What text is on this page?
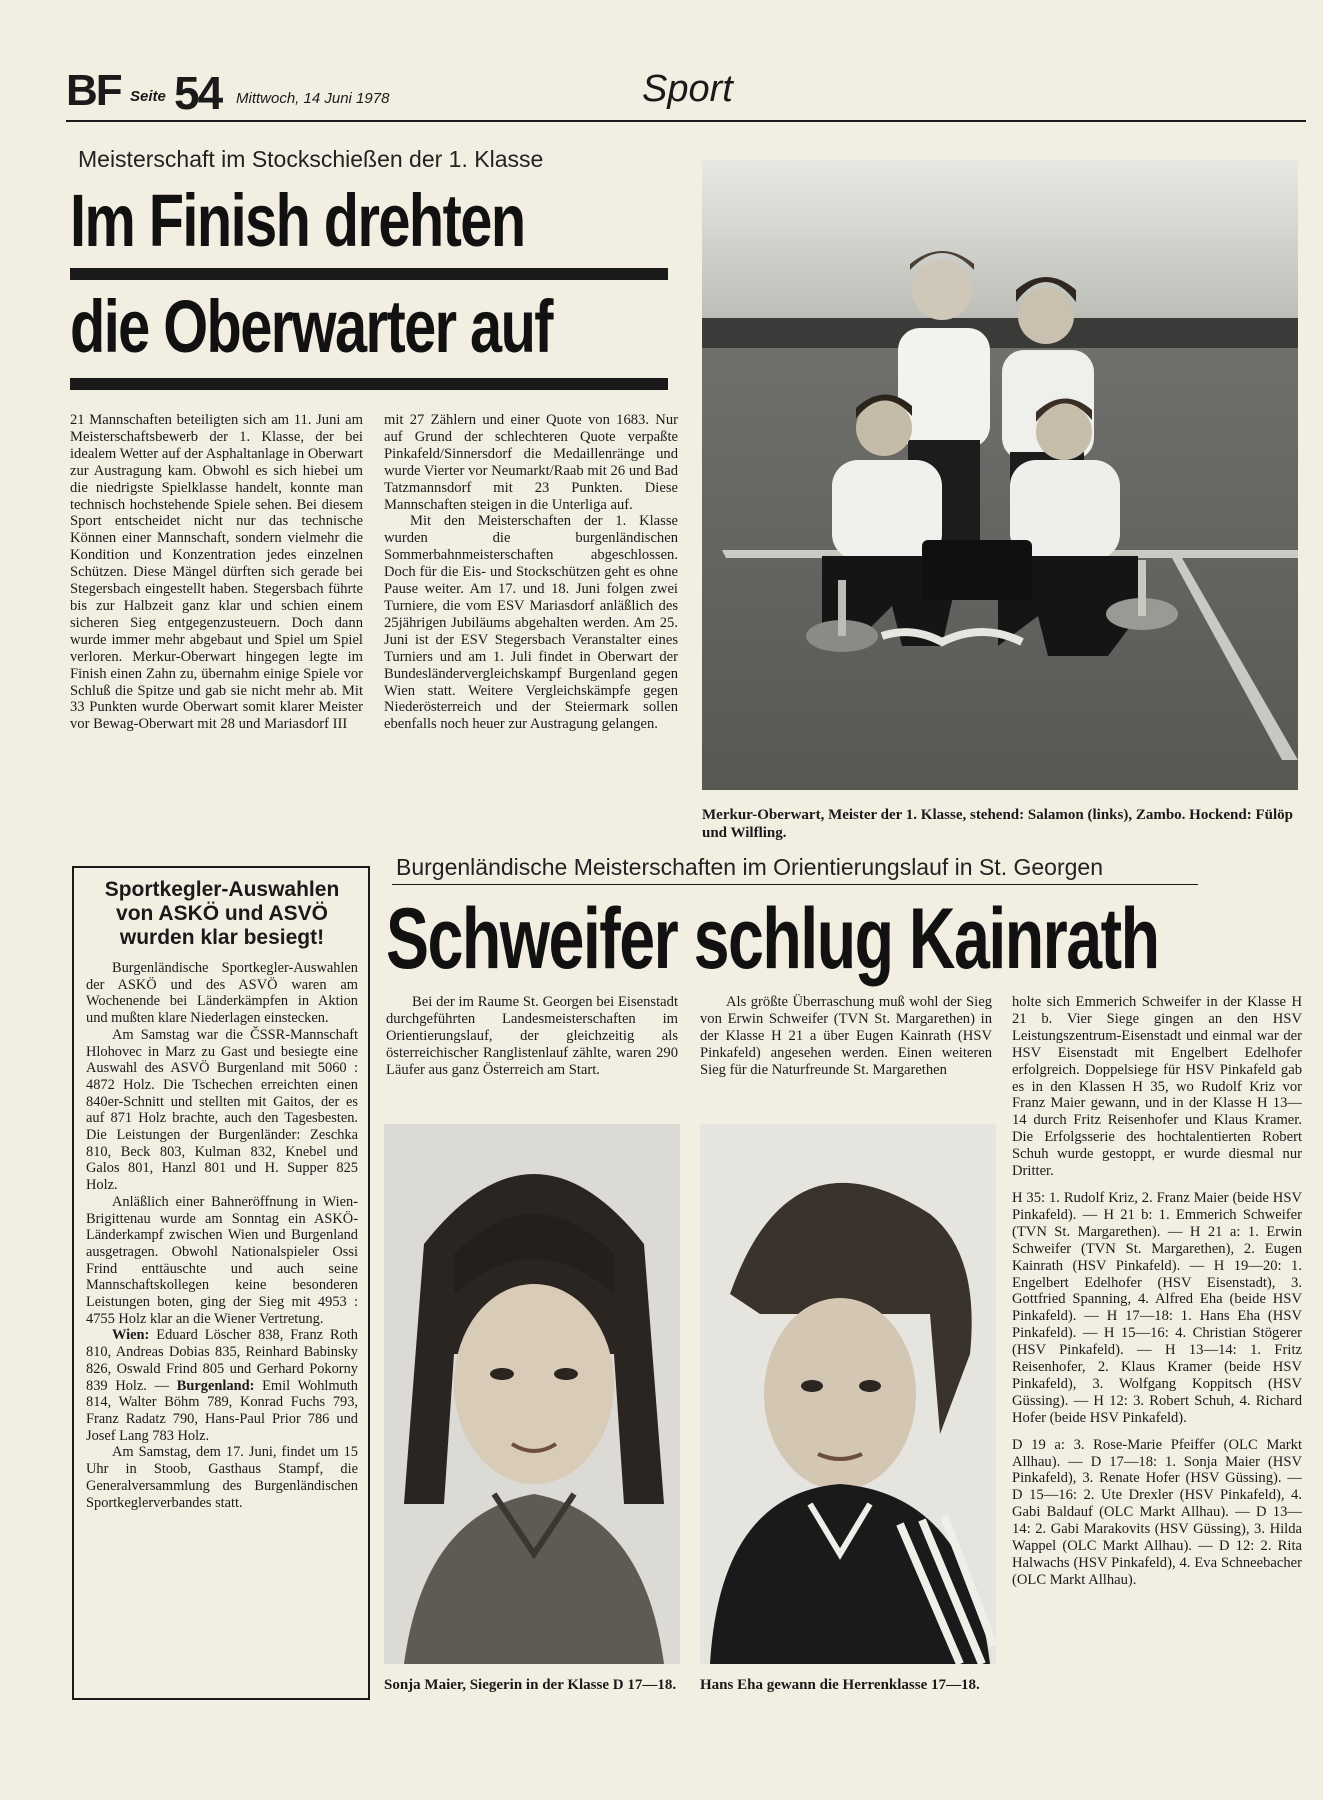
BF Seite 54 Mittwoch, 14 Juni 1978	Sport
Meisterschaft im Stockschießen der 1. Klasse
Im Finish drehten
die Oberwarter auf

21 Mannschaften beteiligten sich am 11. Juni am Meisterschaftsbewerb der 1. Klasse, der bei idealem Wetter auf der Asphaltanlage in Oberwart zur Austragung kam. Obwohl es sich hiebei um die niedrigste Spielklasse handelt, konnte man technisch hochstehende Spiele sehen. Bei diesem Sport entscheidet nicht nur das technische Können einer Mannschaft, sondern vielmehr die Kondition und Konzentration jedes einzelnen Schützen. Diese Mängel dürften sich gerade bei Stegersbach eingestellt haben. Stegersbach führte bis zur Halbzeit ganz klar und schien einem sicheren Sieg entgegenzusteuern. Doch dann wurde immer mehr abgebaut und Spiel um Spiel verloren. Merkur-Oberwart hingegen legte im Finish einen Zahn zu, übernahm einige Spiele vor Schluß die Spitze und gab sie nicht mehr ab. Mit 33 Punkten wurde Oberwart somit klarer Meister vor Bewag-Oberwart mit 28 und Mariasdorf III

mit 27 Zählern und einer Quote von 1683. Nur auf Grund der schlechteren Quote verpaßte Pinkafeld/Sinnersdorf die Medaillenränge und wurde Vierter vor Neumarkt/Raab mit 26 und Bad Tatzmannsdorf mit 23 Punkten. Diese Mannschaften steigen in die Unterliga auf.

Mit den Meisterschaften der 1. Klasse wurden die burgenländischen Sommerbahnmeisterschaften abgeschlossen. Doch für die Eis- und Stockschützen geht es ohne Pause weiter. Am 17. und 18. Juni folgen zwei Turniere, die vom ESV Mariasdorf anläßlich des 25jährigen Jubiläums abgehalten werden. Am 25. Juni ist der ESV Stegersbach Veranstalter eines Turniers und am 1. Juli findet in Oberwart der Bundesländervergleichskampf Burgenland gegen Wien statt. Weitere Vergleichskämpfe gegen Niederösterreich und der Steiermark sollen ebenfalls noch heuer zur Austragung gelangen.

Merkur-Oberwart, Meister der 1. Klasse, stehend: Salamon (links), Zambo. Hockend: Fülöp und Wilfling.
Sportkegler-Auswahlen von ASKÖ und ASVÖ wurden klar besiegt!

Burgenländische Sportkegler-Auswahlen der ASKÖ und des ASVÖ waren am Wochenende bei Länderkämpfen in Aktion und mußten klare Niederlagen einstecken.

Am Samstag war die ČSSR-Mannschaft Hlohovec in Marz zu Gast und besiegte eine Auswahl des ASVÖ Burgenland mit 5060 : 4872 Holz. Die Tschechen erreichten einen 840er-Schnitt und stellten mit Gaitos, der es auf 871 Holz brachte, auch den Tagesbesten. Die Leistungen der Burgenländer: Zeschka 810, Beck 803, Kulman 832, Knebel und Galos 801, Hanzl 801 und H. Supper 825 Holz.

Anläßlich einer Bahneröffnung in Wien-Brigittenau wurde am Sonntag ein ASKÖ-Länderkampf zwischen Wien und Burgenland ausgetragen. Obwohl Nationalspieler Ossi Frind enttäuschte und auch seine Mannschaftskollegen keine besonderen Leistungen boten, ging der Sieg mit 4953 : 4755 Holz klar an die Wiener Vertretung.

Wien: Eduard Löscher 838, Franz Roth 810, Andreas Dobias 835, Reinhard Babinsky 826, Oswald Frind 805 und Gerhard Pokorny 839 Holz. — Burgenland: Emil Wohlmuth 814, Walter Böhm 789, Konrad Fuchs 793, Franz Radatz 790, Hans-Paul Prior 786 und Josef Lang 783 Holz.

Am Samstag, dem 17. Juni, findet um 15 Uhr in Stoob, Gasthaus Stampf, die Generalversammlung des Burgenländischen Sportkeglerverbandes statt.

Burgenländische Meisterschaften im Orientierungslauf in St. Georgen
Schweifer schlug Kainrath

Bei der im Raume St. Georgen bei Eisenstadt durchgeführten Landesmeisterschaften im Orientierungslauf, der gleichzeitig als österreichischer Ranglistenlauf zählte, waren 290 Läufer aus ganz Österreich am Start.

Als größte Überraschung muß wohl der Sieg von Erwin Schweifer (TVN St. Margarethen) in der Klasse H 21 a über Eugen Kainrath (HSV Pinkafeld) angesehen werden. Einen weiteren Sieg für die Naturfreunde St. Margarethen

holte sich Emmerich Schweifer in der Klasse H 21 b. Vier Siege gingen an den HSV Leistungszentrum-Eisenstadt und einmal war der HSV Eisenstadt mit Engelbert Edelhofer erfolgreich. Doppelsiege für HSV Pinkafeld gab es in den Klassen H 35, wo Rudolf Kriz vor Franz Maier gewann, und in der Klasse H 13—14 durch Fritz Reisenhofer und Klaus Kramer. Die Erfolgsserie des hochtalentierten Robert Schuh wurde gestoppt, er wurde diesmal nur Dritter.

H 35: 1. Rudolf Kriz, 2. Franz Maier (beide HSV Pinkafeld). — H 21 b: 1. Emmerich Schweifer (TVN St. Margarethen). — H 21 a: 1. Erwin Schweifer (TVN St. Margarethen), 2. Eugen Kainrath (HSV Pinkafeld). — H 19—20: 1. Engelbert Edelhofer (HSV Eisenstadt), 3. Gottfried Spanning, 4. Alfred Eha (beide HSV Pinkafeld). — H 17—18: 1. Hans Eha (HSV Pinkafeld). — H 15—16: 4. Christian Stögerer (HSV Pinkafeld). — H 13—14: 1. Fritz Reisenhofer, 2. Klaus Kramer (beide HSV Pinkafeld), 3. Wolfgang Koppitsch (HSV Güssing). — H 12: 3. Robert Schuh, 4. Richard Hofer (beide HSV Pinkafeld).

D 19 a: 3. Rose-Marie Pfeiffer (OLC Markt Allhau). — D 17—18: 1. Sonja Maier (HSV Pinkafeld), 3. Renate Hofer (HSV Güssing). — D 15—16: 2. Ute Drexler (HSV Pinkafeld), 4. Gabi Baldauf (OLC Markt Allhau). — D 13—14: 2. Gabi Marakovits (HSV Güssing), 3. Hilda Wappel (OLC Markt Allhau). — D 12: 2. Rita Halwachs (HSV Pinkafeld), 4. Eva Schneebacher (OLC Markt Allhau).

Sonja Maier, Siegerin in der Klasse D 17—18. Hans Eha gewann die Herrenklasse 17—18.
